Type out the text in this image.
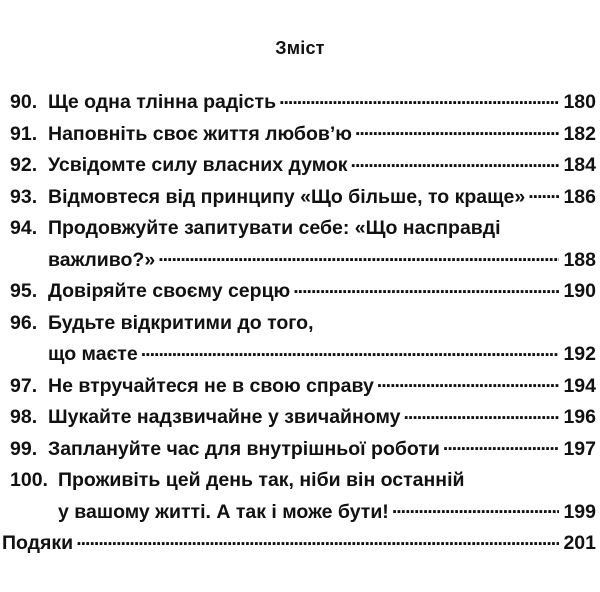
Зміст
90. Ще одна тлінна радість . . .	180
91. Наповніть своє життя любов’ю . . .	182
92. Усвідомте силу власних думок . . .	184
93. Відмовтеся від принципу «Що більше, то краще» . . . 186
94. Продовжуйте запитувати себе: «Що насправді
важливо?» . . .	188
95. Довіряйте своєму серцю . . .	190
96. Будьте відкритими до того,
що маєте . . .	192
97. Не втручайтеся не в свою справу . . .	194
98. Шукайте надзвичайне у звичайному . . .	196
99. Заплануйте час для внутрішньої роботи . . .	197
100. Проживіть цей день так, ніби він останній
у вашому житті. А так і може бути! . . .	199
Подяки . . .	201
